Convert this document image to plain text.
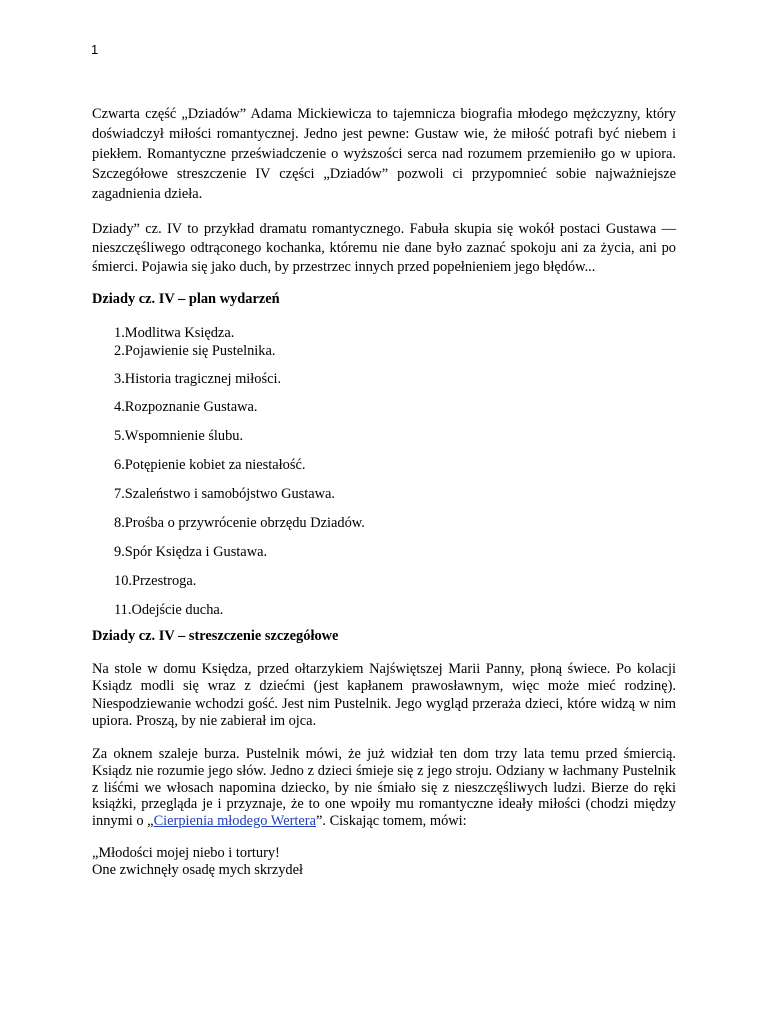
1

Czwarta część „Dziadów” Adama Mickiewicza to tajemnicza biografia młodego mężczyzny, który doświadczył miłości romantycznej. Jedno jest pewne: Gustaw wie, że miłość potrafi być niebem i piekłem. Romantyczne przeświadczenie o wyższości serca nad rozumem przemieniło go w upiora. Szczegółowe streszczenie IV części „Dziadów” pozwoli ci przypomnieć sobie najważniejsze zagadnienia dzieła.

Dziady” cz. IV to przykład dramatu romantycznego. Fabuła skupia się wokół postaci Gustawa — nieszczęśliwego odtrąconego kochanka, któremu nie dane było zaznać spokoju ani za życia, ani po śmierci. Pojawia się jako duch, by przestrzec innych przed popełnieniem jego błędów...

Dziady cz. IV – plan wydarzeń
1. Modlitwa Księdza.
2. Pojawienie się Pustelnika.
3. Historia tragicznej miłości.
4. Rozpoznanie Gustawa.
5. Wspomnienie ślubu.
6. Potępienie kobiet za niestałość.
7. Szaleństwo i samobójstwo Gustawa.
8. Prośba o przywrócenie obrzędu Dziadów.
9. Spór Księdza i Gustawa.
10. Przestroga.
11. Odejście ducha.
Dziady cz. IV – streszczenie szczegółowe

Na stole w domu Księdza, przed ołtarzykiem Najświętszej Marii Panny, płoną świece. Po kolacji Ksiądz modli się wraz z dziećmi (jest kapłanem prawosławnym, więc może mieć rodzinę). Niespodziewanie wchodzi gość. Jest nim Pustelnik. Jego wygląd przeraża dzieci, które widzą w nim upiora. Proszą, by nie zabierał im ojca.

Za oknem szaleje burza. Pustelnik mówi, że już widział ten dom trzy lata temu przed śmiercią. Ksiądz nie rozumie jego słów. Jedno z dzieci śmieje się z jego stroju. Odziany w łachmany Pustelnik z liśćmi we włosach napomina dziecko, by nie śmiało się z nieszczęśliwych ludzi. Bierze do ręki książki, przegląda je i przyznaje, że to one wpoiły mu romantyczne ideały miłości (chodzi między innymi o „Cierpienia młodego Wertera”. Ciskając tomem, mówi:

„Młodości mojej niebo i tortury!
One zwichnęły osadę mych skrzydeł
